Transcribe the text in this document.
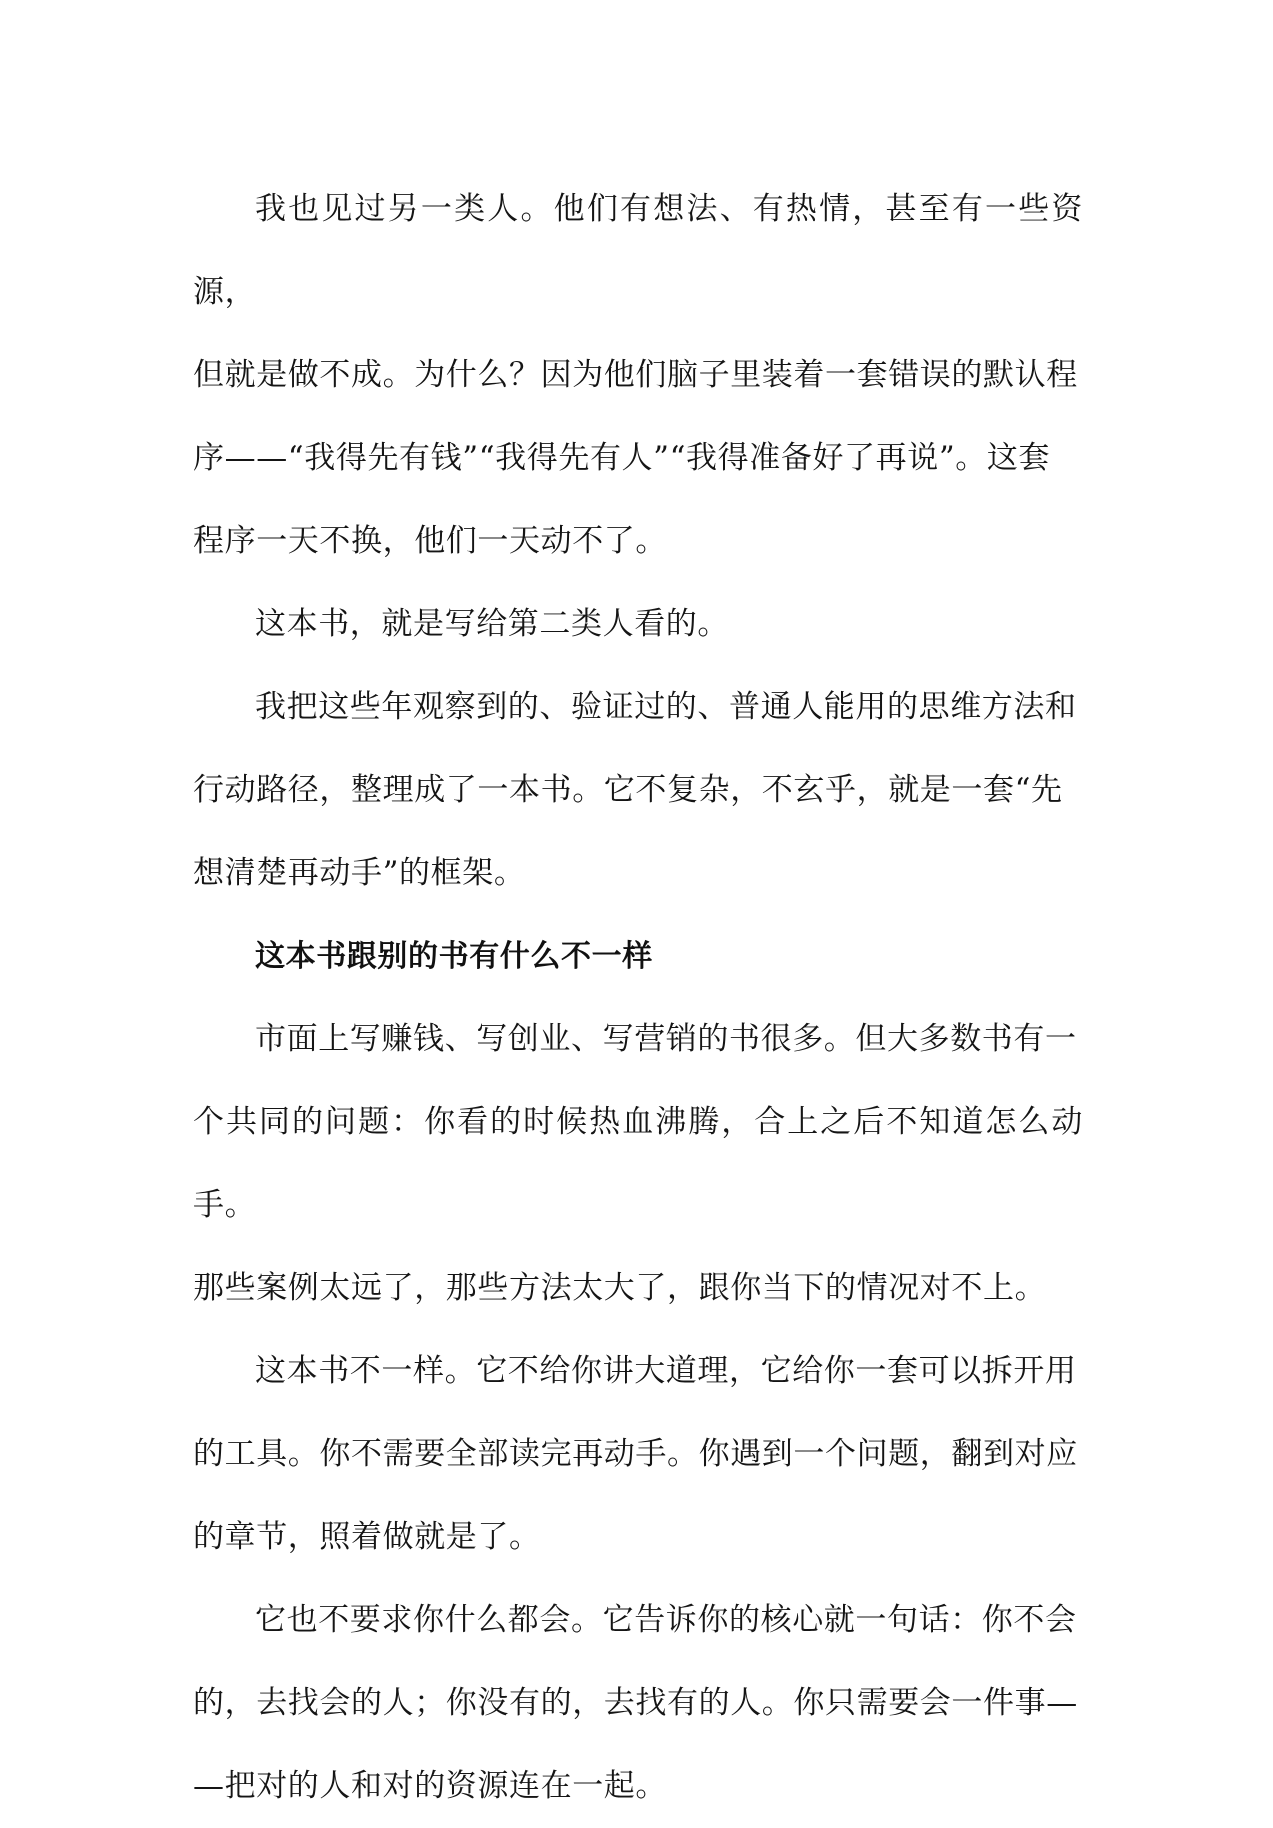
我也见过另一类人。他们有想法、有热情，甚至有一些资源，
但就是做不成。为什么？因为他们脑子里装着一套错误的默认程
序——“我得先有钱”“我得先有人”“我得准备好了再说”。这套
程序一天不换，他们一天动不了。

这本书，就是写给第二类人看的。

我把这些年观察到的、验证过的、普通人能用的思维方法和
行动路径，整理成了一本书。它不复杂，不玄乎，就是一套“先
想清楚再动手”的框架。

这本书跟别的书有什么不一样

市面上写赚钱、写创业、写营销的书很多。但大多数书有一
个共同的问题：你看的时候热血沸腾，合上之后不知道怎么动手。
那些案例太远了，那些方法太大了，跟你当下的情况对不上。

这本书不一样。它不给你讲大道理，它给你一套可以拆开用
的工具。你不需要全部读完再动手。你遇到一个问题，翻到对应
的章节，照着做就是了。

它也不要求你什么都会。它告诉你的核心就一句话：你不会
的，去找会的人；你没有的，去找有的人。你只需要会一件事—
—把对的人和对的资源连在一起。
